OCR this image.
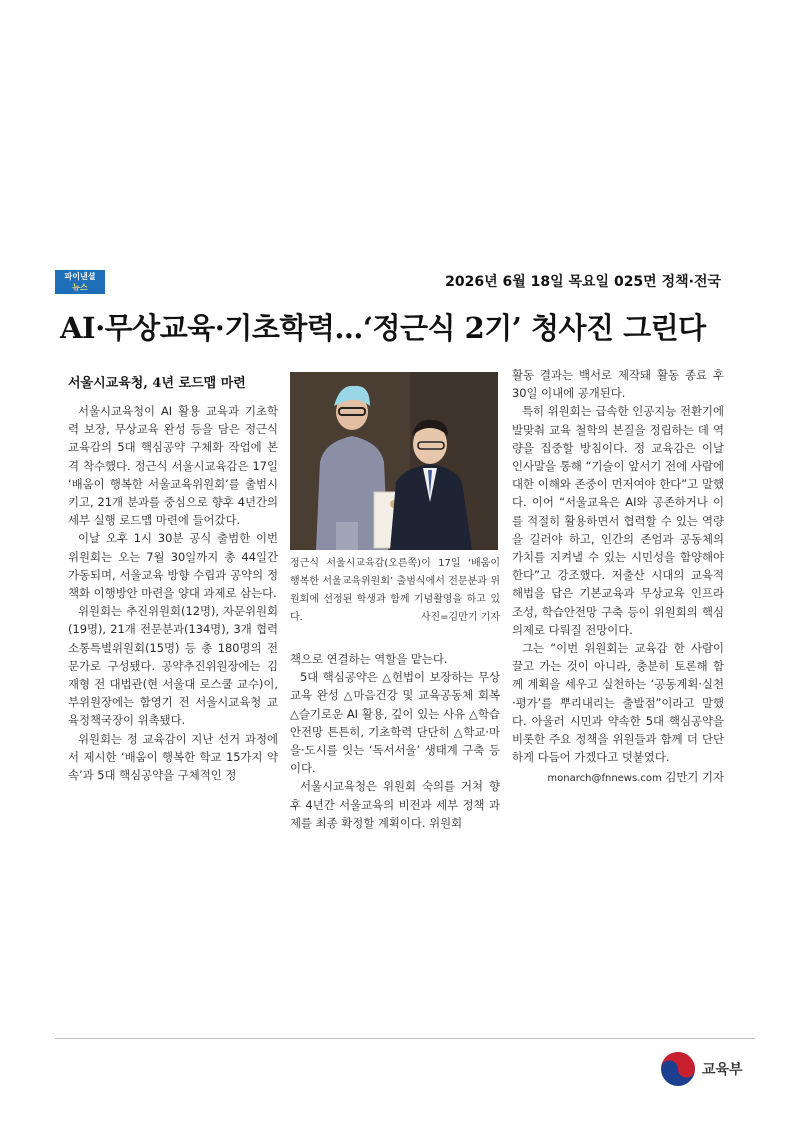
파이낸셜
뉴스	2026년 6월 18일 목요일 025면 정책·전국
AI·무상교육·기초학력…‘정근식 2기’ 청사진 그린다
서울시교육청, 4년 로드맵 마련

서울시교육청이 AI 활용 교육과 기초학력 보장, 무상교육 완성 등을 담은 정근식 교육감의 5대 핵심공약 구체화 작업에 본격 착수했다. 정근식 서울시교육감은 17일 ‘배움이 행복한 서울교육위원회’를 출범시키고, 21개 분과를 중심으로 향후 4년간의 세부 실행 로드맵 마련에 들어갔다.

이날 오후 1시 30분 공식 출범한 이번 위원회는 오는 7월 30일까지 총 44일간 가동되며, 서울교육 방향 수립과 공약의 정책화 이행방안 마련을 양대 과제로 삼는다.

위원회는 추진위원회(12명), 자문위원회(19명), 21개 전문분과(134명), 3개 협력소통특별위원회(15명) 등 총 180명의 전문가로 구성됐다. 공약추진위원장에는 김재형 전 대법관(현 서울대 로스쿨 교수)이, 부위원장에는 함영기 전 서울시교육청 교육정책국장이 위촉됐다.

위원회는 정 교육감이 지난 선거 과정에서 제시한 ‘배움이 행복한 학교 15가지 약속’과 5대 핵심공약을 구체적인 정

정근식 서울시교육감(오른쪽)이 17일 ‘배움이 행복한 서울교육위원회’ 출범식에서 전문분과 위원회에 선정된 학생과 함께 기념촬영을 하고 있다.	사진=김만기 기자

책으로 연결하는 역할을 맡는다.

5대 핵심공약은 △헌법이 보장하는 무상교육 완성 △마음건강 및 교육공동체 회복 △슬기로운 AI 활용, 깊이 있는 사유 △학습안전망 튼튼히, 기초학력 단단히 △학교·마을·도시를 잇는 ‘독서서울’ 생태계 구축 등이다.

서울시교육청은 위원회 숙의를 거쳐 향후 4년간 서울교육의 비전과 세부 정책 과제를 최종 확정할 계획이다. 위원회

활동 결과는 백서로 제작돼 활동 종료 후 30일 이내에 공개된다.

특히 위원회는 급속한 인공지능 전환기에 발맞춰 교육 철학의 본질을 정립하는 데 역량을 집중할 방침이다. 정 교육감은 이날 인사말을 통해 “기술이 앞서기 전에 사람에 대한 이해와 존중이 먼저여야 한다”고 말했다. 이어 “서울교육은 AI와 공존하거나 이를 적절히 활용하면서 협력할 수 있는 역량을 길러야 하고, 인간의 존엄과 공동체의 가치를 지켜낼 수 있는 시민성을 함양해야 한다”고 강조했다. 저출산 시대의 교육적 해법을 답은 기본교육과 무상교육 인프라 조성, 학습안전망 구축 등이 위원회의 핵심 의제로 다뤄질 전망이다.

그는 “이번 위원회는 교육감 한 사람이 끌고 가는 것이 아니라, 충분히 토론해 함께 계획을 세우고 실천하는 ‘공동계획·실천·평가’를 뿌리내리는 출발점”이라고 말했다. 아울러 시민과 약속한 5대 핵심공약을 비롯한 주요 정책을 위원들과 함께 더 단단하게 다듬어 가겠다고 덧붙였다.

monarch@fnnews.com 김만기 기자
교육부
